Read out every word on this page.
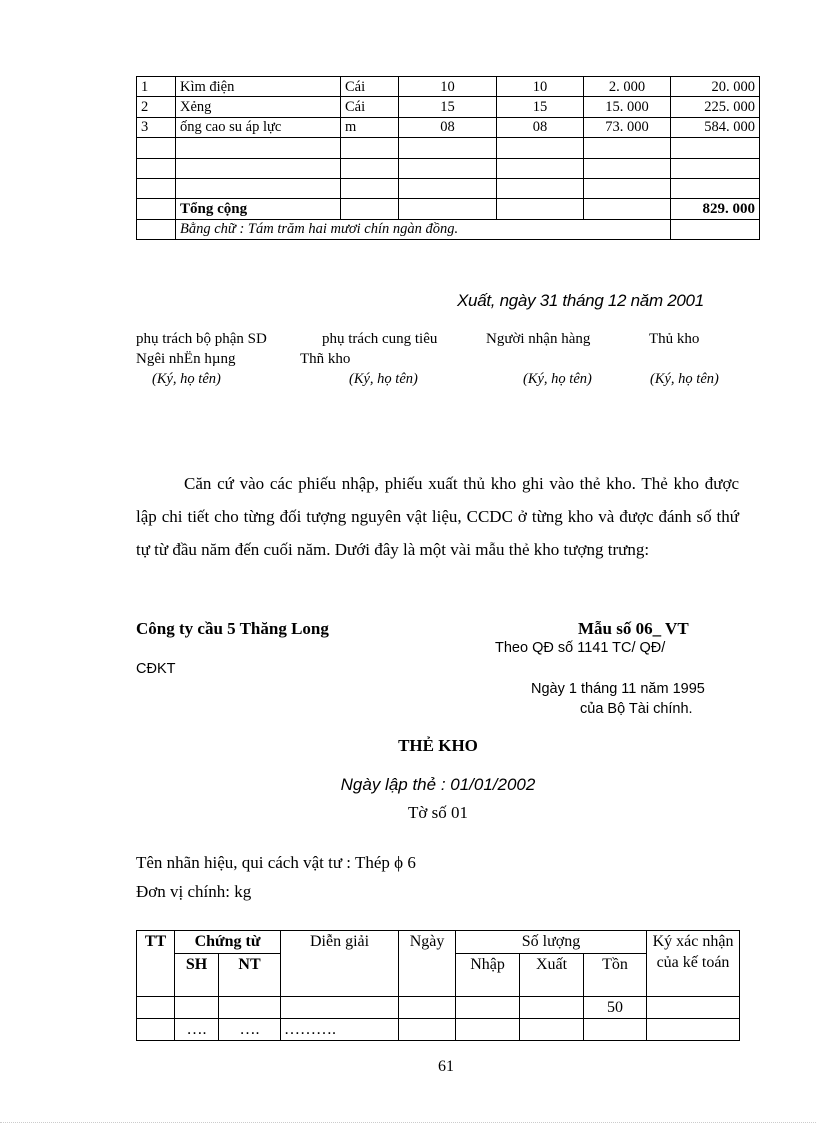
1	Kìm điện	Cái	10	10	2. 000	20. 000
2	Xẻng	Cái	15	15	15. 000	225. 000
3	ống cao su áp lực	m	08	08	73. 000	584. 000

	Tổng cộng					829. 000
	Bằng chữ : Tám trăm hai mươi chín ngàn đồng.					
Xuất, ngày 31 tháng 12 năm 2001
phụ trách bộ phận SD	phụ trách cung tiêu	Người nhận hàng	Thủ kho
Ngêi nhËn hµng	Thñ kho
(Ký, họ tên)	(Ký, họ tên)	(Ký, họ tên)	(Ký, họ tên)
Căn cứ vào các phiếu nhập, phiếu xuất thủ kho ghi vào thẻ kho. Thẻ kho được lập chi tiết cho từng đối tượng nguyên vật liệu, CCDC ở từng kho và được đánh số thứ tự từ đầu năm đến cuối năm. Dưới đây là một vài mẫu thẻ kho tượng trưng:
Công ty cầu 5 Thăng Long	Mẫu số 06_ VT
Theo QĐ số 1141 TC/ QĐ/
CĐKT
Ngày 1 tháng 11 năm 1995
của Bộ Tài chính.
THẺ KHO
Ngày lập thẻ : 01/01/2002
Tờ số 01
Tên nhãn hiệu, qui cách vật tư : Thép ϕ 6
Đơn vị chính: kg
TT	Chứng từ		Diễn giải	Ngày	Số lượng			Ký xác nhận của kế toán
	SH	NT			Nhập	Xuất	Tồn	
							50	
	….	….	……….					
61
